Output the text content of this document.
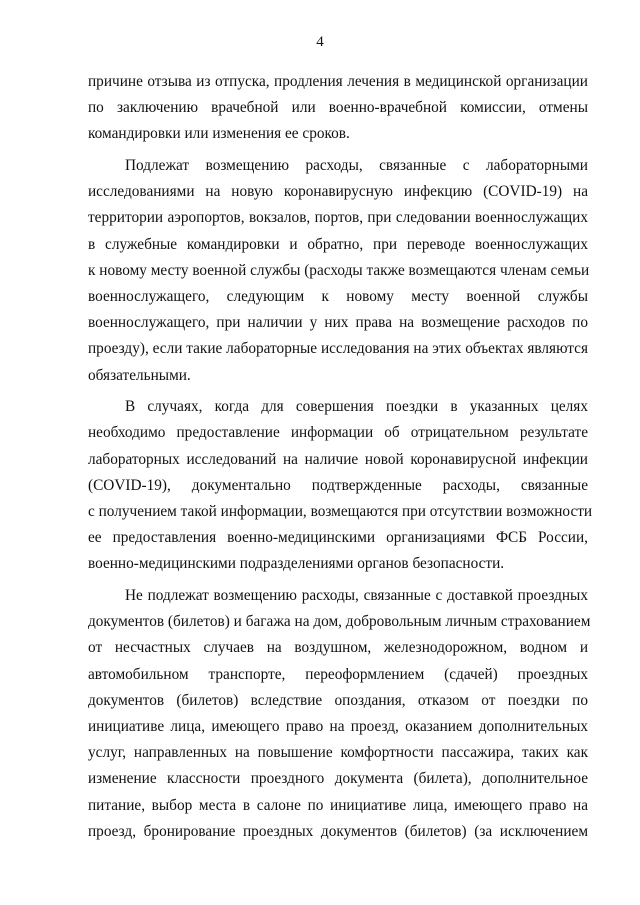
4
причине отзыва из отпуска, продления лечения в медицинской организации
по заключению врачебной или военно-врачебной комиссии, отмены
командировки или изменения ее сроков.
Подлежат возмещению расходы, связанные с лабораторными
исследованиями на новую коронавирусную инфекцию (COVID-19) на
территории аэропортов, вокзалов, портов, при следовании военнослужащих
в служебные командировки и обратно, при переводе военнослужащих
к новому месту военной службы (расходы также возмещаются членам семьи
военнослужащего, следующим к новому месту военной службы
военнослужащего, при наличии у них права на возмещение расходов по
проезду), если такие лабораторные исследования на этих объектах являются
обязательными.
В случаях, когда для совершения поездки в указанных целях
необходимо предоставление информации об отрицательном результате
лабораторных исследований на наличие новой коронавирусной инфекции
(COVID-19), документально подтвержденные расходы, связанные
с получением такой информации, возмещаются при отсутствии возможности
ее предоставления военно-медицинскими организациями ФСБ России,
военно-медицинскими подразделениями органов безопасности.
Не подлежат возмещению расходы, связанные с доставкой проездных
документов (билетов) и багажа на дом, добровольным личным страхованием
от несчастных случаев на воздушном, железнодорожном, водном и
автомобильном транспорте, переоформлением (сдачей) проездных
документов (билетов) вследствие опоздания, отказом от поездки по
инициативе лица, имеющего право на проезд, оказанием дополнительных
услуг, направленных на повышение комфортности пассажира, таких как
изменение классности проездного документа (билета), дополнительное
питание, выбор места в салоне по инициативе лица, имеющего право на
проезд, бронирование проездных документов (билетов) (за исключением
